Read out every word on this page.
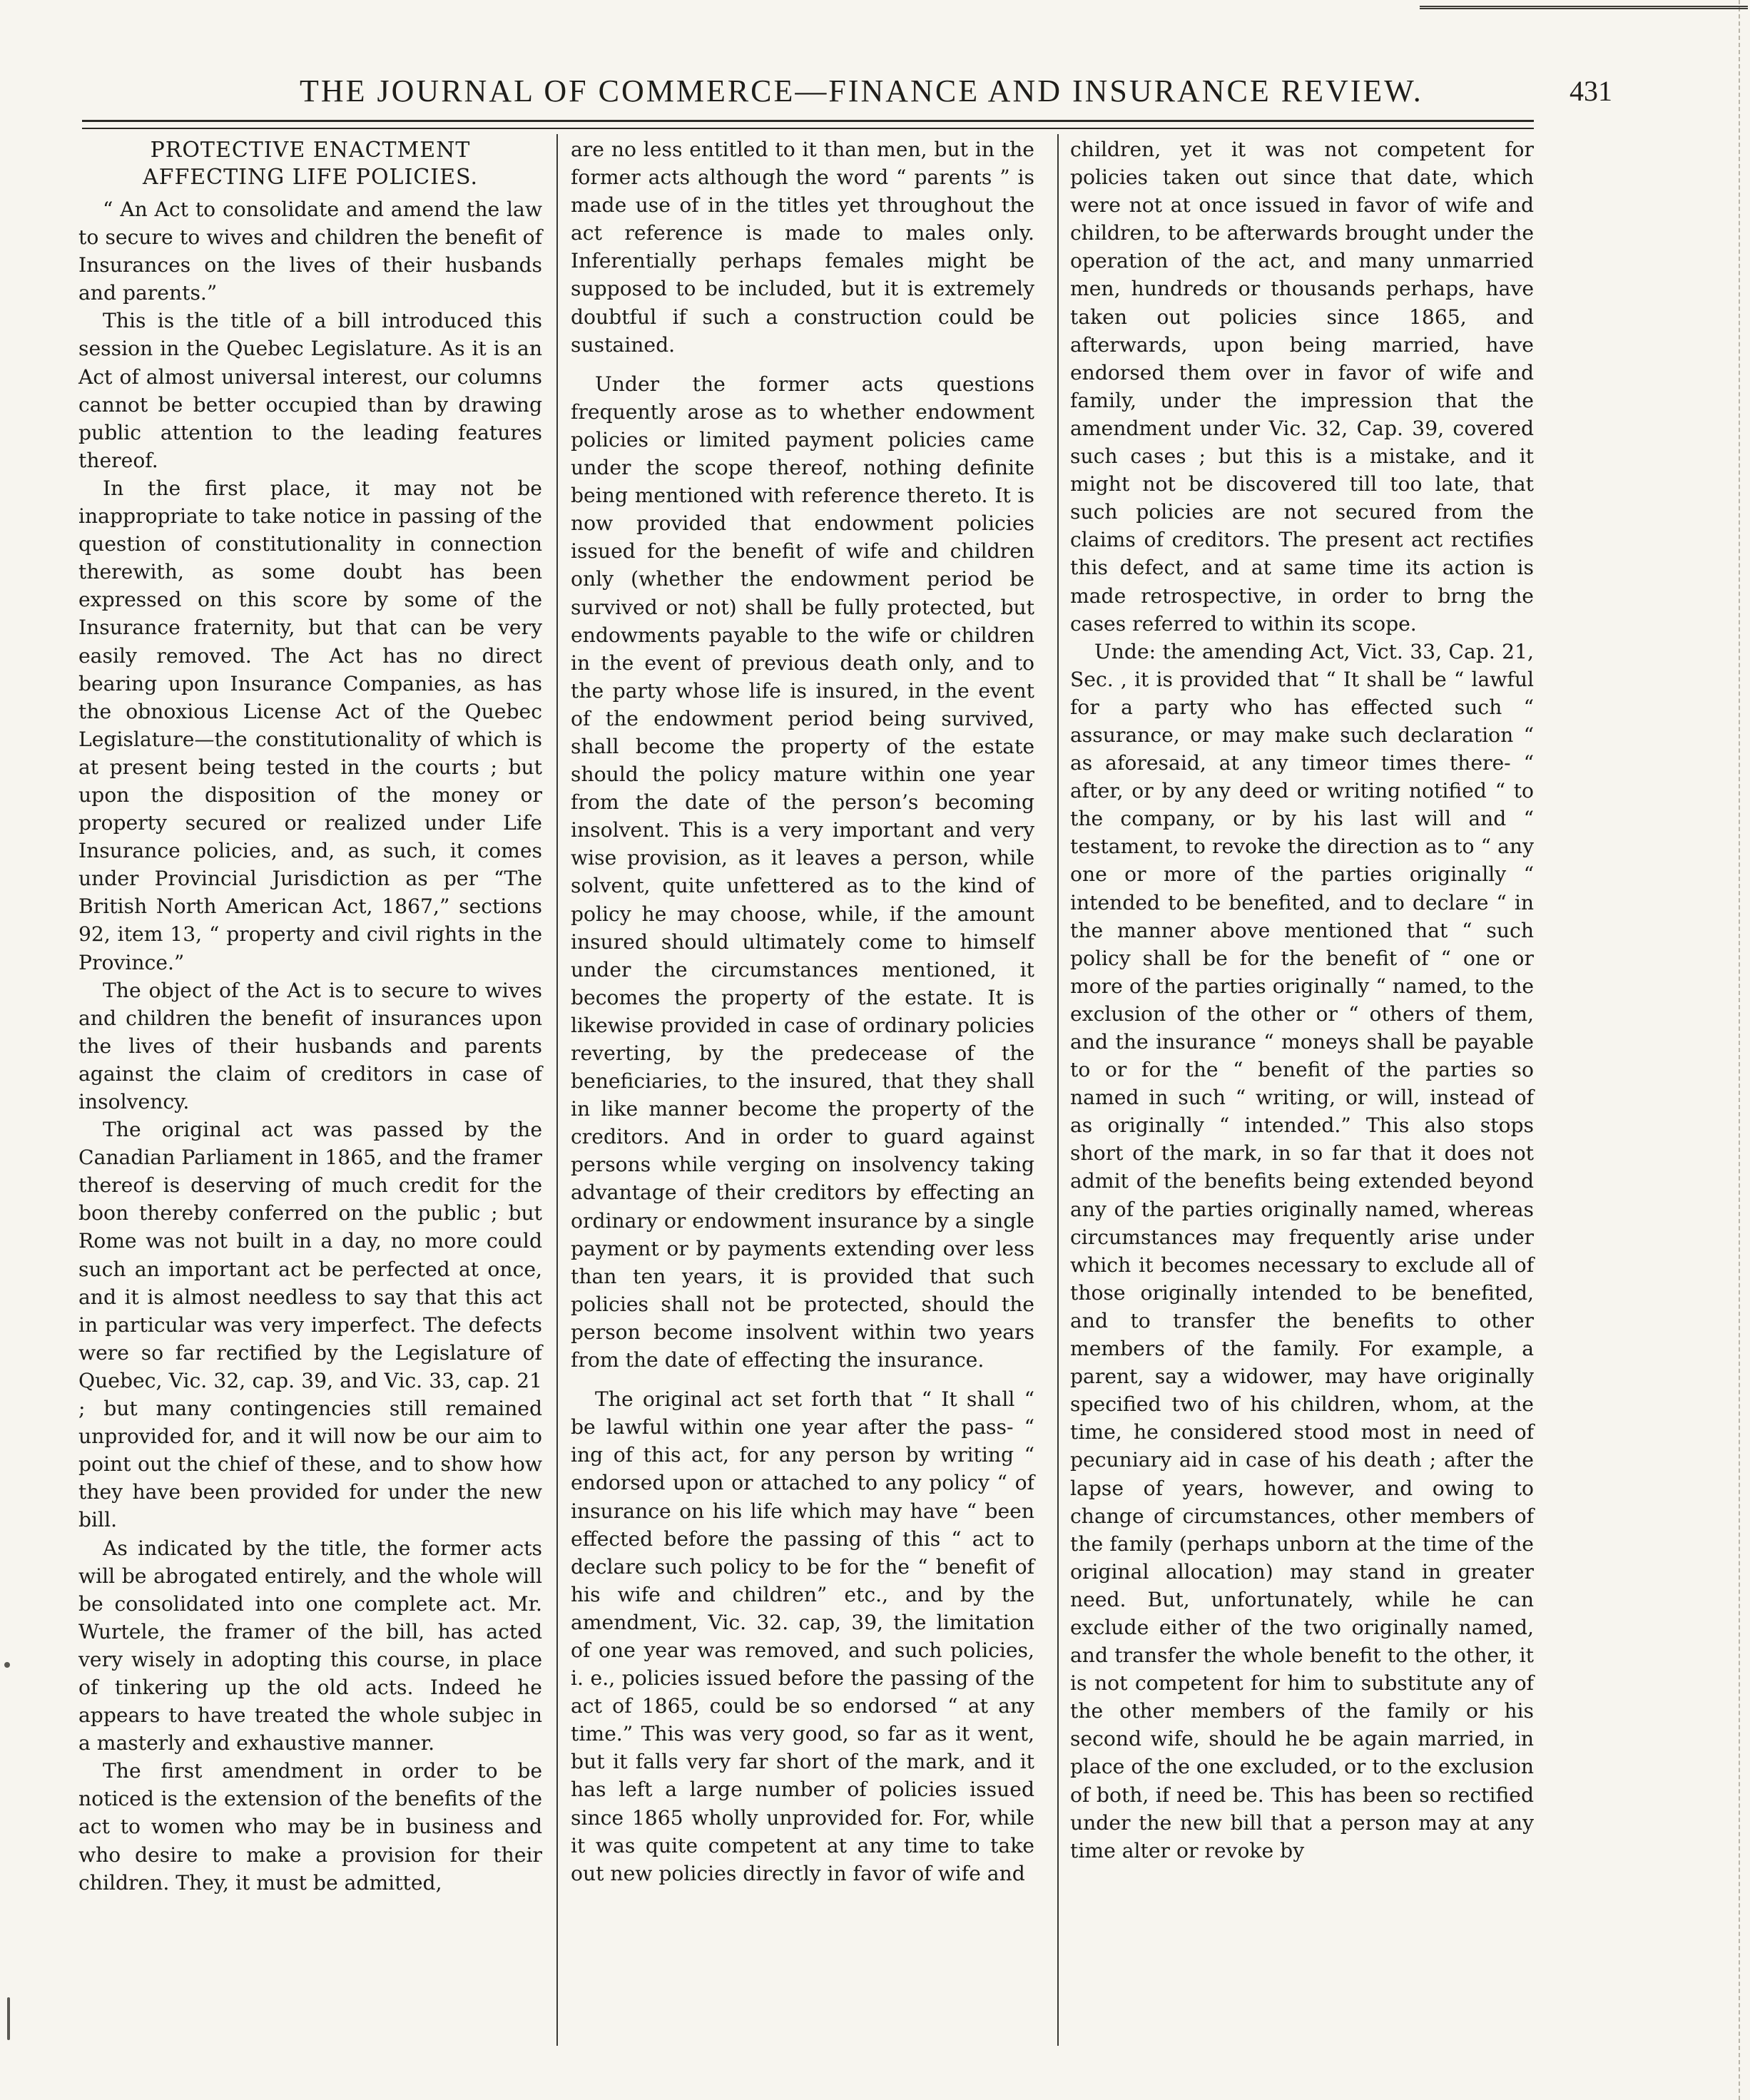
THE JOURNAL OF COMMERCE—FINANCE AND INSURANCE REVIEW.	431
PROTECTIVE ENACTMENT AFFECTING LIFE POLICIES.

“ An Act to consolidate and amend the law to secure to wives and children the benefit of Insurances on the lives of their husbands and parents.”

This is the title of a bill introduced this session in the Quebec Legislature. As it is an Act of almost universal interest, our columns cannot be better occupied than by drawing public attention to the leading features thereof.

In the first place, it may not be inappropriate to take notice in passing of the question of constitutionality in connection therewith, as some doubt has been expressed on this score by some of the Insurance fraternity, but that can be very easily removed. The Act has no direct bearing upon Insurance Companies, as has the obnoxious License Act of the Quebec Legislature—the constitutionality of which is at present being tested in the courts ; but upon the disposition of the money or property secured or realized under Life Insurance policies, and, as such, it comes under Provincial Jurisdiction as per “The British North American Act, 1867,” sections 92, item 13, “ property and civil rights in the Province.”

The object of the Act is to secure to wives and children the benefit of insurances upon the lives of their husbands and parents against the claim of creditors in case of insolvency.

The original act was passed by the Canadian Parliament in 1865, and the framer thereof is deserving of much credit for the boon thereby conferred on the public ; but Rome was not built in a day, no more could such an important act be perfected at once, and it is almost needless to say that this act in particular was very imperfect. The defects were so far rectified by the Legislature of Quebec, Vic. 32, cap. 39, and Vic. 33, cap. 21 ; but many contingencies still remained unprovided for, and it will now be our aim to point out the chief of these, and to show how they have been provided for under the new bill.

As indicated by the title, the former acts will be abrogated entirely, and the whole will be consolidated into one complete act. Mr. Wurtele, the framer of the bill, has acted very wisely in adopting this course, in place of tinkering up the old acts. Indeed he appears to have treated the whole subjec in a masterly and exhaustive manner.

The first amendment in order to be noticed is the extension of the benefits of the act to women who may be in business and who desire to make a provision for their children. They, it must be admitted,

are no less entitled to it than men, but in the former acts although the word “ parents ” is made use of in the titles yet throughout the act reference is made to males only. Inferentially perhaps females might be supposed to be included, but it is extremely doubtful if such a construction could be sustained.

Under the former acts questions frequently arose as to whether endowment policies or limited payment policies came under the scope thereof, nothing definite being mentioned with reference thereto. It is now provided that endowment policies issued for the benefit of wife and children only (whether the endowment period be survived or not) shall be fully protected, but endowments payable to the wife or children in the event of previous death only, and to the party whose life is insured, in the event of the endowment period being survived, shall become the property of the estate should the policy mature within one year from the date of the person’s becoming insolvent. This is a very important and very wise provision, as it leaves a person, while solvent, quite unfettered as to the kind of policy he may choose, while, if the amount insured should ultimately come to himself under the circumstances mentioned, it becomes the property of the estate. It is likewise provided in case of ordinary policies reverting, by the predecease of the beneficiaries, to the insured, that they shall in like manner become the property of the creditors. And in order to guard against persons while verging on insolvency taking advantage of their creditors by effecting an ordinary or endowment insurance by a single payment or by payments extending over less than ten years, it is provided that such policies shall not be protected, should the person become insolvent within two years from the date of effecting the insurance.

The original act set forth that “ It shall “ be lawful within one year after the pass- “ ing of this act, for any person by writing “ endorsed upon or attached to any policy “ of insurance on his life which may have “ been effected before the passing of this “ act to declare such policy to be for the “ benefit of his wife and children” etc., and by the amendment, Vic. 32. cap, 39, the limitation of one year was removed, and such policies, i. e., policies issued before the passing of the act of 1865, could be so endorsed “ at any time.” This was very good, so far as it went, but it falls very far short of the mark, and it has left a large number of policies issued since 1865 wholly unprovided for. For, while it was quite competent at any time to take out new policies directly in favor of wife and

children, yet it was not competent for policies taken out since that date, which were not at once issued in favor of wife and children, to be afterwards brought under the operation of the act, and many unmarried men, hundreds or thousands perhaps, have taken out policies since 1865, and afterwards, upon being married, have endorsed them over in favor of wife and family, under the impression that the amendment under Vic. 32, Cap. 39, covered such cases ; but this is a mistake, and it might not be discovered till too late, that such policies are not secured from the claims of creditors. The present act rectifies this defect, and at same time its action is made retrospective, in order to brng the cases referred to within its scope.

Unde: the amending Act, Vict. 33, Cap. 21, Sec. , it is provided that “ It shall be “ lawful for a party who has effected such “ assurance, or may make such declaration “ as aforesaid, at any timeor times there- “ after, or by any deed or writing notified “ to the company, or by his last will and “ testament, to revoke the direction as to “ any one or more of the parties originally “ intended to be benefited, and to declare “ in the manner above mentioned that “ such policy shall be for the benefit of “ one or more of the parties originally “ named, to the exclusion of the other or “ others of them, and the insurance “ moneys shall be payable to or for the “ benefit of the parties so named in such “ writing, or will, instead of as originally “ intended.” This also stops short of the mark, in so far that it does not admit of the benefits being extended beyond any of the parties originally named, whereas circumstances may frequently arise under which it becomes necessary to exclude all of those originally intended to be benefited, and to transfer the benefits to other members of the family. For example, a parent, say a widower, may have originally specified two of his children, whom, at the time, he considered stood most in need of pecuniary aid in case of his death ; after the lapse of years, however, and owing to change of circumstances, other members of the family (perhaps unborn at the time of the original allocation) may stand in greater need. But, unfortunately, while he can exclude either of the two originally named, and transfer the whole benefit to the other, it is not competent for him to substitute any of the other members of the family or his second wife, should he be again married, in place of the one excluded, or to the exclusion of both, if need be. This has been so rectified under the new bill that a person may at any time alter or revoke by
